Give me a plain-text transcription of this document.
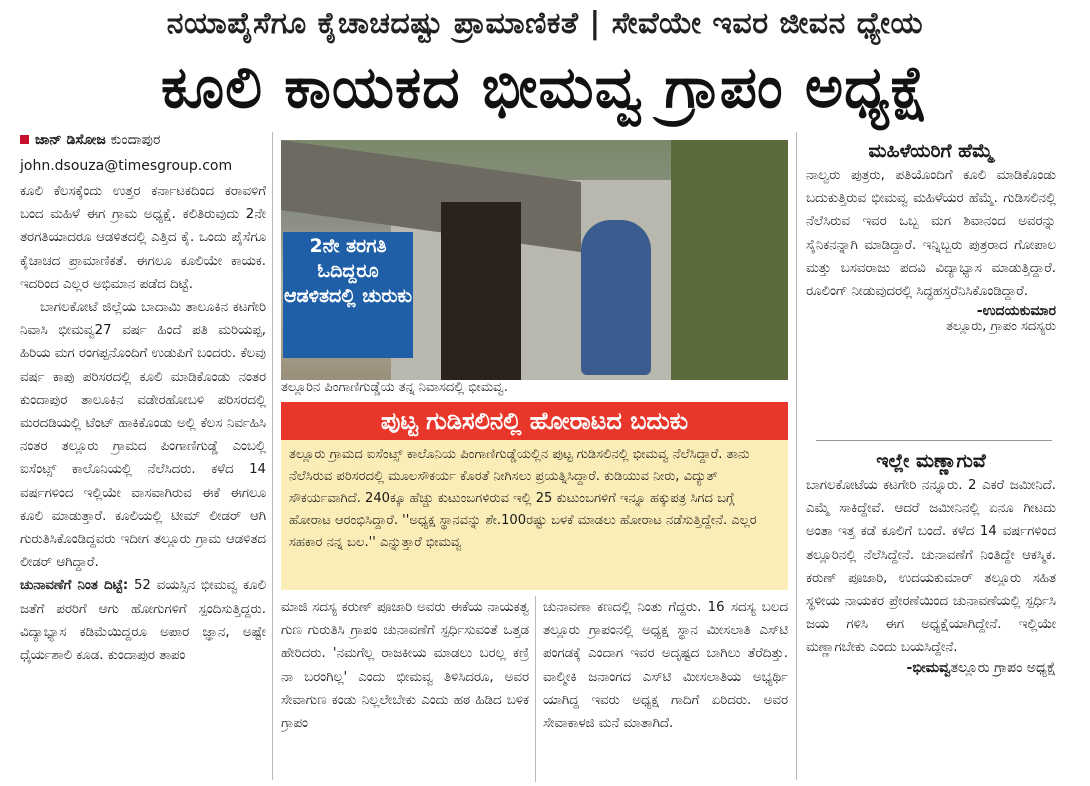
ನಯಾಪೈಸೆಗೂ ಕೈಚಾಚದಷ್ಟು ಪ್ರಾಮಾಣಿಕತೆ | ಸೇವೆಯೇ ಇವರ ಜೀವನ ಧ್ಯೇಯ
ಕೂಲಿ ಕಾಯಕದ ಭೀಮವ್ವ ಗ್ರಾಪಂ ಅಧ್ಯಕ್ಷೆ
ಜಾನ್ ಡಿಸೋಜ ಕುಂದಾಪುರ
john.dsouza@timesgroup.com

ಕೂಲಿ ಕೆಲಸಕ್ಕೆಂದು ಉತ್ತರ ಕರ್ನಾಟಕದಿಂದ ಕರಾವಳಿಗೆ ಬಂದ ಮಹಿಳೆ ಈಗ ಗ್ರಾಮ ಅಧ್ಯಕ್ಷೆ. ಕಲಿತಿರುವುದು 2ನೇ ತರಗತಿಯಾದರೂ ಆಡಳಿತದಲ್ಲಿ ಎತ್ತಿದ ಕೈ. ಒಂದು ಪೈಸೆಗೂ ಕೈಚಾಚದ ಪ್ರಾಮಾಣಿಕತೆ. ಈಗಲೂ ಕೂಲಿಯೇ ಕಾಯಕ. ಇದರಿಂದ ಎಲ್ಲರ ಅಭಿಮಾನ ಪಡೆದ ದಿಟ್ಟೆ.

ಬಾಗಲಕೋಟೆ ಜಿಲ್ಲೆಯ ಬಾದಾಮಿ ತಾಲೂಕಿನ ಕಟಗೇರಿ ನಿವಾಸಿ ಭೀಮವ್ವ27 ವರ್ಷ ಹಿಂದೆ ಪತಿ ಮರಿಯಪ್ಪ, ಹಿರಿಯ ಮಗ ರಂಗಪ್ಪನೊಂದಿಗೆ ಉಡುಪಿಗೆ ಬಂದರು. ಕೆಲವು ವರ್ಷ ಕಾಪು ಪರಿಸರದಲ್ಲಿ ಕೂಲಿ ಮಾಡಿಕೊಂಡು ನಂತರ ಕುಂದಾಪುರ ತಾಲೂಕಿನ ವಡೇರಹೋಬಳಿ ಪರಿಸರದಲ್ಲಿ ಮರದಡಿಯಲ್ಲಿ ಟೆಂಟ್ ಹಾಕಿಕೊಂಡು ಅಲ್ಲಿ ಕೆಲಸ ನಿರ್ವಹಿಸಿ ನಂತರ ತಲ್ಲೂರು ಗ್ರಾಮದ ಪಿಂಗಾಣಿಗುಡ್ಡೆ ಎಂಬಲ್ಲಿ ಐಸೆಂಟ್ಸ್ ಕಾಲೊನಿಯಲ್ಲಿ ನೆಲೆಸಿದರು. ಕಳೆದ 14 ವರ್ಷಗಳಿಂದ ಇಲ್ಲಿಯೇ ವಾಸವಾಗಿರುವ ಈಕೆ ಈಗಲೂ ಕೂಲಿ ಮಾಡುತ್ತಾರೆ. ಕೂಲಿಯಲ್ಲಿ ಟೀಮ್ ಲೀಡರ್ ಆಗಿ ಗುರುತಿಸಿಕೊಂಡಿದ್ದವರು ಇದೀಗ ತಲ್ಲೂರು ಗ್ರಾಮ ಆಡಳಿತದ ಲೀಡರ್ ಆಗಿದ್ದಾರೆ.

ಚುನಾವಣೆಗೆ ನಿಂತ ದಿಟ್ಟೆ: 52 ವಯಸ್ಸಿನ ಭೀಮವ್ವ ಕೂಲಿ ಜತೆಗೆ ಪರರಿಗೆ ಆಗು ಹೋಗುಗಳಿಗೆ ಸ್ಪಂದಿಸುತ್ತಿದ್ದರು. ವಿದ್ಯಾಭ್ಯಾಸ ಕಡಿಮೆಯಿದ್ದರೂ ಅಪಾರ ಜ್ಞಾನ, ಅಷ್ಟೇ ಧೈರ್ಯಶಾಲಿ ಕೂಡ. ಕುಂದಾಪುರ ತಾಪಂ

2ನೇ ತರಗತಿ ಓದಿದ್ದರೂ ಆಡಳಿತದಲ್ಲಿ ಚುರುಕು
ತಲ್ಲೂರಿನ ಪಿಂಗಾಣಿಗುಡ್ಡೆಯ ತನ್ನ ನಿವಾಸದಲ್ಲಿ ಭೀಮವ್ವ.
ಪುಟ್ಟ ಗುಡಿಸಲಿನಲ್ಲಿ ಹೋರಾಟದ ಬದುಕು
ತಲ್ಲೂರು ಗ್ರಾಮದ ಐಸೆಂಟ್ಸ್ ಕಾಲೊನಿಯ ಪಿಂಗಾಣಿಗುಡ್ಡೆಯಲ್ಲಿನ ಪುಟ್ಟ ಗುಡಿಸಲಿನಲ್ಲಿ ಭೀಮವ್ವ ನೆಲೆಸಿದ್ದಾರೆ. ತಾನು ನೆಲೆಸಿರುವ ಪರಿಸರದಲ್ಲಿ ಮೂಲಸೌಕರ್ಯ ಕೊರತೆ ನೀಗಿಸಲು ಪ್ರಯತ್ನಿಸಿದ್ದಾರೆ. ಕುಡಿಯುವ ನೀರು, ವಿದ್ಯುತ್ ಸೌಕರ್ಯವಾಗಿದೆ. 240ಕ್ಕೂ ಹೆಚ್ಚು ಕುಟುಂಬಗಳಿರುವ ಇಲ್ಲಿ 25 ಕುಟುಂಬಗಳಿಗೆ ಇನ್ನೂ ಹಕ್ಕುಪತ್ರ ಸಿಗದ ಬಗ್ಗೆ ಹೋರಾಟ ಆರಂಭಿಸಿದ್ದಾರೆ. ''ಅಧ್ಯಕ್ಷ ಸ್ಥಾನವನ್ನು ಶೇ.100ರಷ್ಟು ಬಳಕೆ ಮಾಡಲು ಹೋರಾಟ ನಡೆಸುತ್ತಿದ್ದೇನೆ. ಎಲ್ಲರ ಸಹಕಾರ ನನ್ನ ಬಲ.'' ಎನ್ನುತ್ತಾರೆ ಭೀಮವ್ವ
ಮಾಜಿ ಸದಸ್ಯ ಕರುಣ್ ಪೂಜಾರಿ ಅವರು ಈಕೆಯ ನಾಯಕತ್ವ ಗುಣ ಗುರುತಿಸಿ ಗ್ರಾಪಂ ಚುನಾವಣೆಗೆ ಸ್ಪರ್ಧಿಸುವಂತೆ ಒತ್ತಡ ಹೇರಿದರು. 'ನಮಗೆಲ್ಲ ರಾಜಕೀಯ ಮಾಡಲು ಬರಲ್ಲ ಕಣ್ರಿ ನಾ ಬರಂಗಿಲ್ಲ' ಎಂದು ಭೀಮವ್ವ ತಿಳಿಸಿದರೂ, ಅವರ ಸೇವಾಗುಣ ಕಂಡು ನಿಲ್ಲಲೇಬೇಕು ಎಂದು ಹಠ ಹಿಡಿದ ಬಳಿಕ ಗ್ರಾಪಂ
ಚುನಾವಣಾ ಕಣದಲ್ಲಿ ನಿಂತು ಗೆದ್ದರು. 16 ಸದಸ್ಯ ಬಲದ ತಲ್ಲೂರು ಗ್ರಾಪಂನಲ್ಲಿ ಅಧ್ಯಕ್ಷ ಸ್ಥಾನ ಮೀಸಲಾತಿ ಎಸ್‌ಟಿ ಪಂಗಡಕ್ಕೆ ಎಂದಾಗ ಇವರ ಅದೃಷ್ಟದ ಬಾಗಿಲು ತೆರೆದಿತ್ತು. ವಾಲ್ಮೀಕಿ ಜನಾಂಗದ ಎಸ್‌ಟಿ ಮೀಸಲಾತಿಯ ಅಭ್ಯರ್ಥಿ ಯಾಗಿದ್ದ ಇವರು ಅಧ್ಯಕ್ಷ ಗಾದಿಗೆ ಏರಿದರು. ಅವರ ಸೇವಾಕಾಳಜಿ ಮನೆ ಮಾತಾಗಿದೆ.
ಮಹಿಳೆಯರಿಗೆ ಹೆಮ್ಮೆ
ನಾಲ್ವರು ಪುತ್ರರು, ಪತಿಯೊಂದಿಗೆ ಕೂಲಿ ಮಾಡಿಕೊಂಡು ಬದುಕುತ್ತಿರುವ ಭೀಮವ್ವ ಮಹಿಳೆಯರ ಹೆಮ್ಮೆ. ಗುಡಿಸಲಿನಲ್ಲಿ ನೆಲೆಸಿರುವ ಇವರ ಒಬ್ಬ ಮಗ ಶಿವಾನಂದ ಅವರನ್ನು ಸೈನಿಕನನ್ನಾಗಿ ಮಾಡಿದ್ದಾರೆ. ಇನ್ನಿಬ್ಬರು ಪುತ್ರರಾದ ಗೋಪಾಲ ಮತ್ತು ಬಸವರಾಜು ಪದವಿ ವಿದ್ಯಾಭ್ಯಾಸ ಮಾಡುತ್ತಿದ್ದಾರೆ. ರೂಲಿಂಗ್ ನೀಡುವುದರಲ್ಲಿ ಸಿದ್ಧಹಸ್ತರೆನಿಸಿಕೊಂಡಿದ್ದಾರೆ.
-ಉದಯಕುಮಾರ
ತಲ್ಲೂರು, ಗ್ರಾಪಂ ಸದಸ್ಯರು
ಇಲ್ಲೇ ಮಣ್ಣಾಗುವೆ
ಬಾಗಲಕೋಟೆಯ ಕಟಗೇರಿ ನನ್ನೂರು. 2 ಎಕರೆ ಜಮೀನಿದೆ. ಎಮ್ಮೆ ಸಾಕಿದ್ದೇವೆ. ಆದರೆ ಜಮೀನಿನಲ್ಲಿ ಏನೂ ಗೀಟದು ಅಂತಾ ಇತ್ತ ಕಡೆ ಕೂಲಿಗೆ ಬಂದೆ. ಕಳೆದ 14 ವರ್ಷಗಳಿಂದ ತಲ್ಲೂರಿನಲ್ಲಿ ನೆಲೆಸಿದ್ದೇನೆ. ಚುನಾವಣೆಗೆ ನಿಂತಿದ್ದೇ ಆಕಸ್ಮಿಕ. ಕರುಣ್ ಪೂಜಾರಿ, ಉದಯಕುಮಾರ್ ತಲ್ಲೂರು ಸಹಿತ ಸ್ಥಳೀಯ ನಾಯಕರ ಪ್ರೇರಣೆಯಿಂದ ಚುನಾವಣೆಯಲ್ಲಿ ಸ್ಪರ್ಧಿಸಿ ಜಯ ಗಳಿಸಿ ಈಗ ಅಧ್ಯಕ್ಷೆಯಾಗಿದ್ದೇನೆ. ಇಲ್ಲಿಯೇ ಮಣ್ಣಾಗಬೇಕು ಎಂದು ಬಯಸಿದ್ದೇನೆ.
-ಭೀಮವ್ವತಲ್ಲೂರು ಗ್ರಾಪಂ ಅಧ್ಯಕ್ಷೆ
